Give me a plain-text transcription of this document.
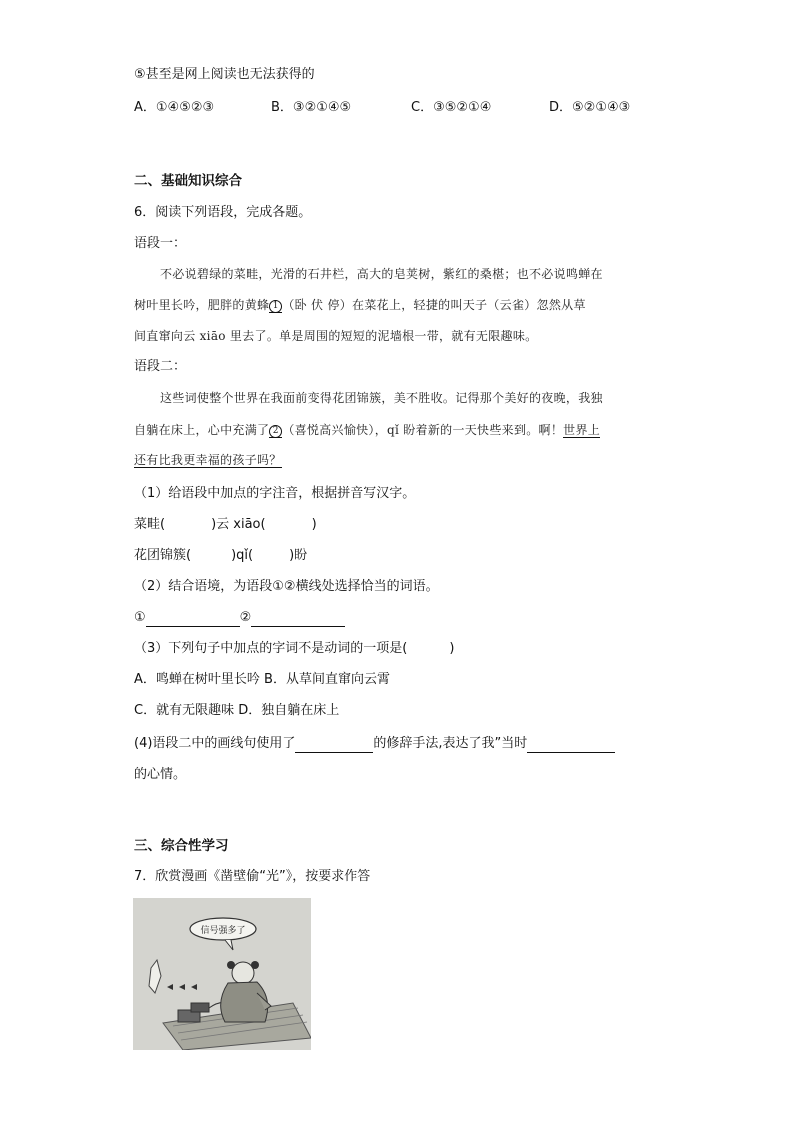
⑤甚至是网上阅读也无法获得的
A．①④⑤②③	B．③②①④⑤	C．③⑤②①④	D．⑤②①④③
二、基础知识综合
6．阅读下列语段，完成各题。
语段一：
不必说碧绿的菜畦，光滑的石井栏，高大的皂荚树，紫红的桑椹；也不必说鸣蝉在
树叶里长吟，肥胖的黄蜂 1 （卧 伏 停）在菜花上，轻捷的叫天子（云雀）忽然从草
间直窜向云 xiāo 里去了。单是周围的短短的泥墙根一带，就有无限趣味。
语段二：
这些词使整个世界在我面前变得花团锦簇，美不胜收。记得那个美好的夜晚，我独
自躺在床上，心中充满了 2 （喜悦高兴愉快），qǐ 盼着新的一天快些来到。啊！世界上
还有比我更幸福的孩子吗？
（1）给语段中加点的字注音，根据拼音写汉字。
菜畦(	)云 xiāo(	)
花团锦簇(	)qǐ(	)盼
（2）结合语境，为语段①②横线处选择恰当的词语。
①	②
（3）下列句子中加点的字词不是动词的一项是(	)
A．鸣蝉在树叶里长吟 B．从草间直窜向云霄
C．就有无限趣味 D．独自躺在床上
(4)语段二中的画线句使用了	的修辞手法,表达了我”当时
的心情。
三、综合性学习
7．欣赏漫画《凿壁偷“光”》，按要求作答
信号强多了
